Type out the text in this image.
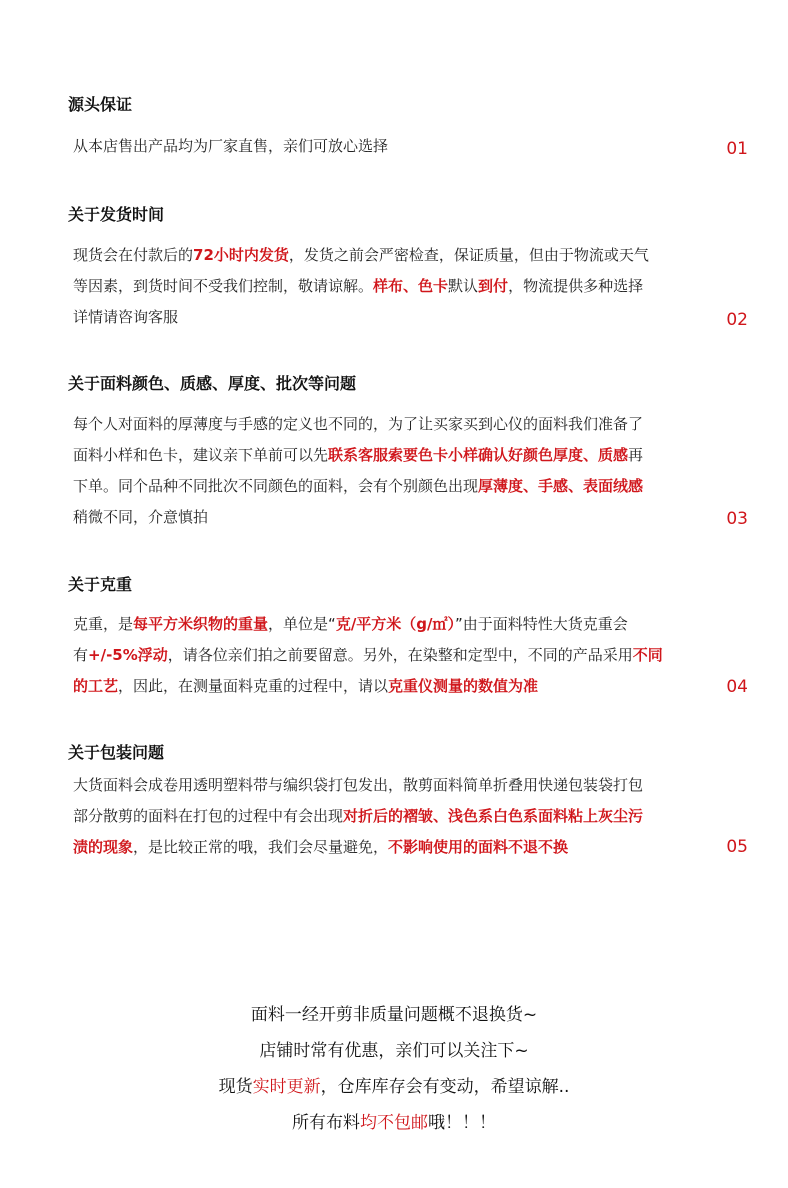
源头保证
从本店售出产品均为厂家直售，亲们可放心选择	01
关于发货时间
现货会在付款后的72小时内发货，发货之前会严密检查，保证质量，但由于物流或天气
等因素，到货时间不受我们控制，敬请谅解。样布、色卡默认到付，物流提供多种选择
详情请咨询客服	02
关于面料颜色、质感、厚度、批次等问题
每个人对面料的厚薄度与手感的定义也不同的，为了让买家买到心仪的面料我们准备了
面料小样和色卡，建议亲下单前可以先联系客服索要色卡小样确认好颜色厚度、质感再
下单。同个品种不同批次不同颜色的面料，会有个别颜色出现厚薄度、手感、表面绒感
稍微不同，介意慎拍	03
关于克重
克重，是每平方米织物的重量，单位是“克/平方米（g/㎡）”由于面料特性大货克重会
有+/-5%浮动，请各位亲们拍之前要留意。另外，在染整和定型中，不同的产品采用不同
的工艺，因此，在测量面料克重的过程中，请以克重仪测量的数值为准	04
关于包装问题
大货面料会成卷用透明塑料带与编织袋打包发出，散剪面料简单折叠用快递包装袋打包
部分散剪的面料在打包的过程中有会出现对折后的褶皱、浅色系白色系面料粘上灰尘污
渍的现象，是比较正常的哦，我们会尽量避免，不影响使用的面料不退不换	05
面料一经开剪非质量问题概不退换货~
店铺时常有优惠，亲们可以关注下~
现货实时更新，仓库库存会有变动，希望谅解..
所有布料均不包邮哦！！！
